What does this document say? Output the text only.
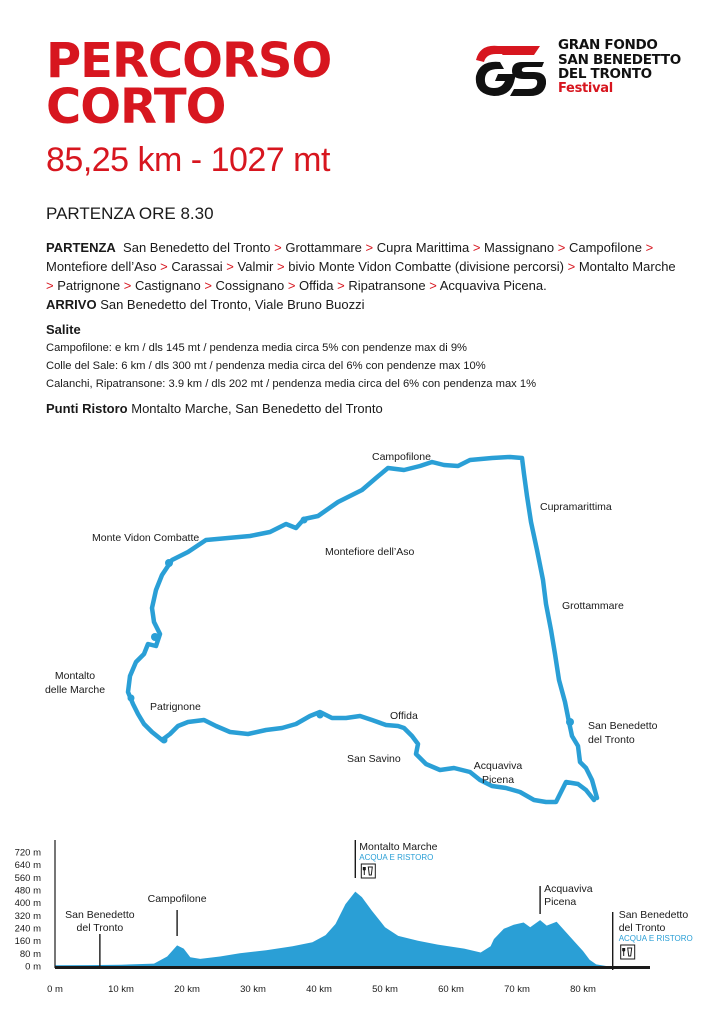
PERCORSO
CORTO
85,25 km - 1027 mt
PARTENZA ORE 8.30
GRAN FONDO
SAN BENEDETTO
DEL TRONTO
Festival
PARTENZA San Benedetto del Tronto > Grottammare > Cupra Marittima > Massignano > Campofilone > Montefiore dell’Aso > Carassai > Valmir > bivio Monte Vidon Combatte (divisione percorsi) > Montalto Marche > Patrignone > Castignano > Cossignano > Offida > Ripatransone > Acquaviva Picena.
ARRIVO San Benedetto del Tronto, Viale Bruno Buozzi
Salite
Campofilone: e km / dls 145 mt / pendenza media circa 5% con pendenze max di 9%
Colle del Sale: 6 km / dls 300 mt / pendenza media circa del 6% con pendenze max 10%
Calanchi, Ripatransone: 3.9 km / dls 202 mt / pendenza media circa del 6% con pendenza max 1%
Punti Ristoro Montalto Marche, San Benedetto del Tronto
Campofilone
Cupramarittima
Monte Vidon Combatte
Montefiore dell’Aso
Grottammare
Montalto
delle Marche
San Benedetto
del Tronto
Patrignone
Offida
San Savino
Acquaviva
Picena
720 m
640 m
560 m
480 m
400 m
320 m
240 m
160 m
80 m
0 m
0 m	10 km	20 km	30 km	40 km	50 km	60 km	70 km	80 km
San Benedetto
del Tronto
Campofilone
Montalto Marche
ACQUA E RISTORO
Acquaviva
Picena
San Benedetto
del Tronto
ACQUA E RISTORO
